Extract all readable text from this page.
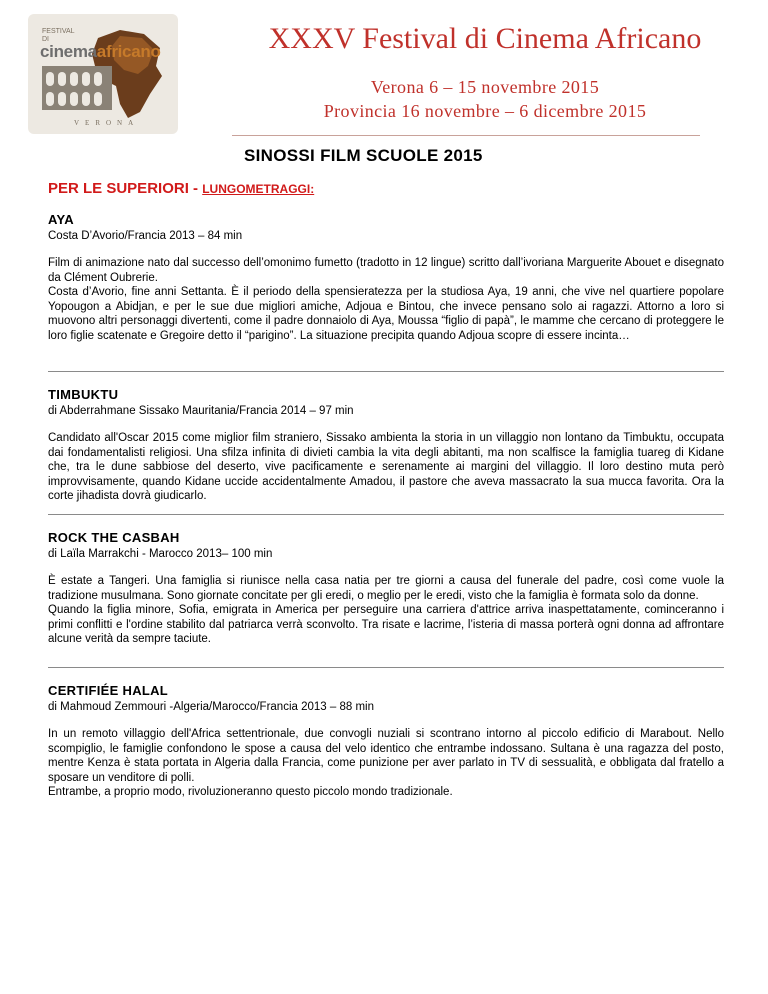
FESTIVAL DI
cinemaafricano
VERONA
XXXV Festival di Cinema Africano
Verona 6 – 15 novembre 2015
Provincia 16 novembre – 6 dicembre 2015
SINOSSI FILM SCUOLE 2015
PER LE SUPERIORI - LUNGOMETRAGGI:

AYA

Costa D’Avorio/Francia 2013 – 84 min

Film di animazione nato dal successo dell’omonimo fumetto (tradotto in 12 lingue) scritto dall’ivoriana Marguerite Abouet e disegnato da Clément Oubrerie.

Costa d’Avorio, fine anni Settanta. È il periodo della spensieratezza per la studiosa Aya, 19 anni, che vive nel quartiere popolare Yopougon a Abidjan, e per le sue due migliori amiche, Adjoua e Bintou, che invece pensano solo ai ragazzi. Attorno a loro si muovono altri personaggi divertenti, come il padre donnaiolo di Aya, Moussa “figlio di papà”, le mamme che cercano di proteggere le loro figlie scatenate e Gregoire detto il “parigino”. La situazione precipita quando Adjoua scopre di essere incinta…

TIMBUKTU

di Abderrahmane Sissako Mauritania/Francia 2014 – 97 min

Candidato all'Oscar 2015 come miglior film straniero, Sissako ambienta la storia in un villaggio non lontano da Timbuktu, occupata dai fondamentalisti religiosi. Una sfilza infinita di divieti cambia la vita degli abitanti, ma non scalfisce la famiglia tuareg di Kidane che, tra le dune sabbiose del deserto, vive pacificamente e serenamente ai margini del villaggio. Il loro destino muta però improvvisamente, quando Kidane uccide accidentalmente Amadou, il pastore che aveva massacrato la sua mucca favorita. Ora la corte jihadista dovrà giudicarlo.

ROCK THE CASBAH

di Laïla Marrakchi - Marocco 2013– 100 min

È estate a Tangeri. Una famiglia si riunisce nella casa natia per tre giorni a causa del funerale del padre, così come vuole la tradizione musulmana. Sono giornate concitate per gli eredi, o meglio per le eredi, visto che la famiglia è formata solo da donne.

Quando la figlia minore, Sofia, emigrata in America per perseguire una carriera d'attrice arriva inaspettatamente, cominceranno i primi conflitti e l'ordine stabilito dal patriarca verrà sconvolto. Tra risate e lacrime, l’isteria di massa porterà ogni donna ad affrontare alcune verità da sempre taciute.

CERTIFIÉE HALAL

di Mahmoud Zemmouri -Algeria/Marocco/Francia 2013 – 88 min

In un remoto villaggio dell'Africa settentrionale, due convogli nuziali si scontrano intorno al piccolo edificio di Marabout. Nello scompiglio, le famiglie confondono le spose a causa del velo identico che entrambe indossano. Sultana è una ragazza del posto, mentre Kenza è stata portata in Algeria dalla Francia, come punizione per aver parlato in TV di sessualità, e obbligata dal fratello a sposare un venditore di polli.

Entrambe, a proprio modo, rivoluzioneranno questo piccolo mondo tradizionale.
